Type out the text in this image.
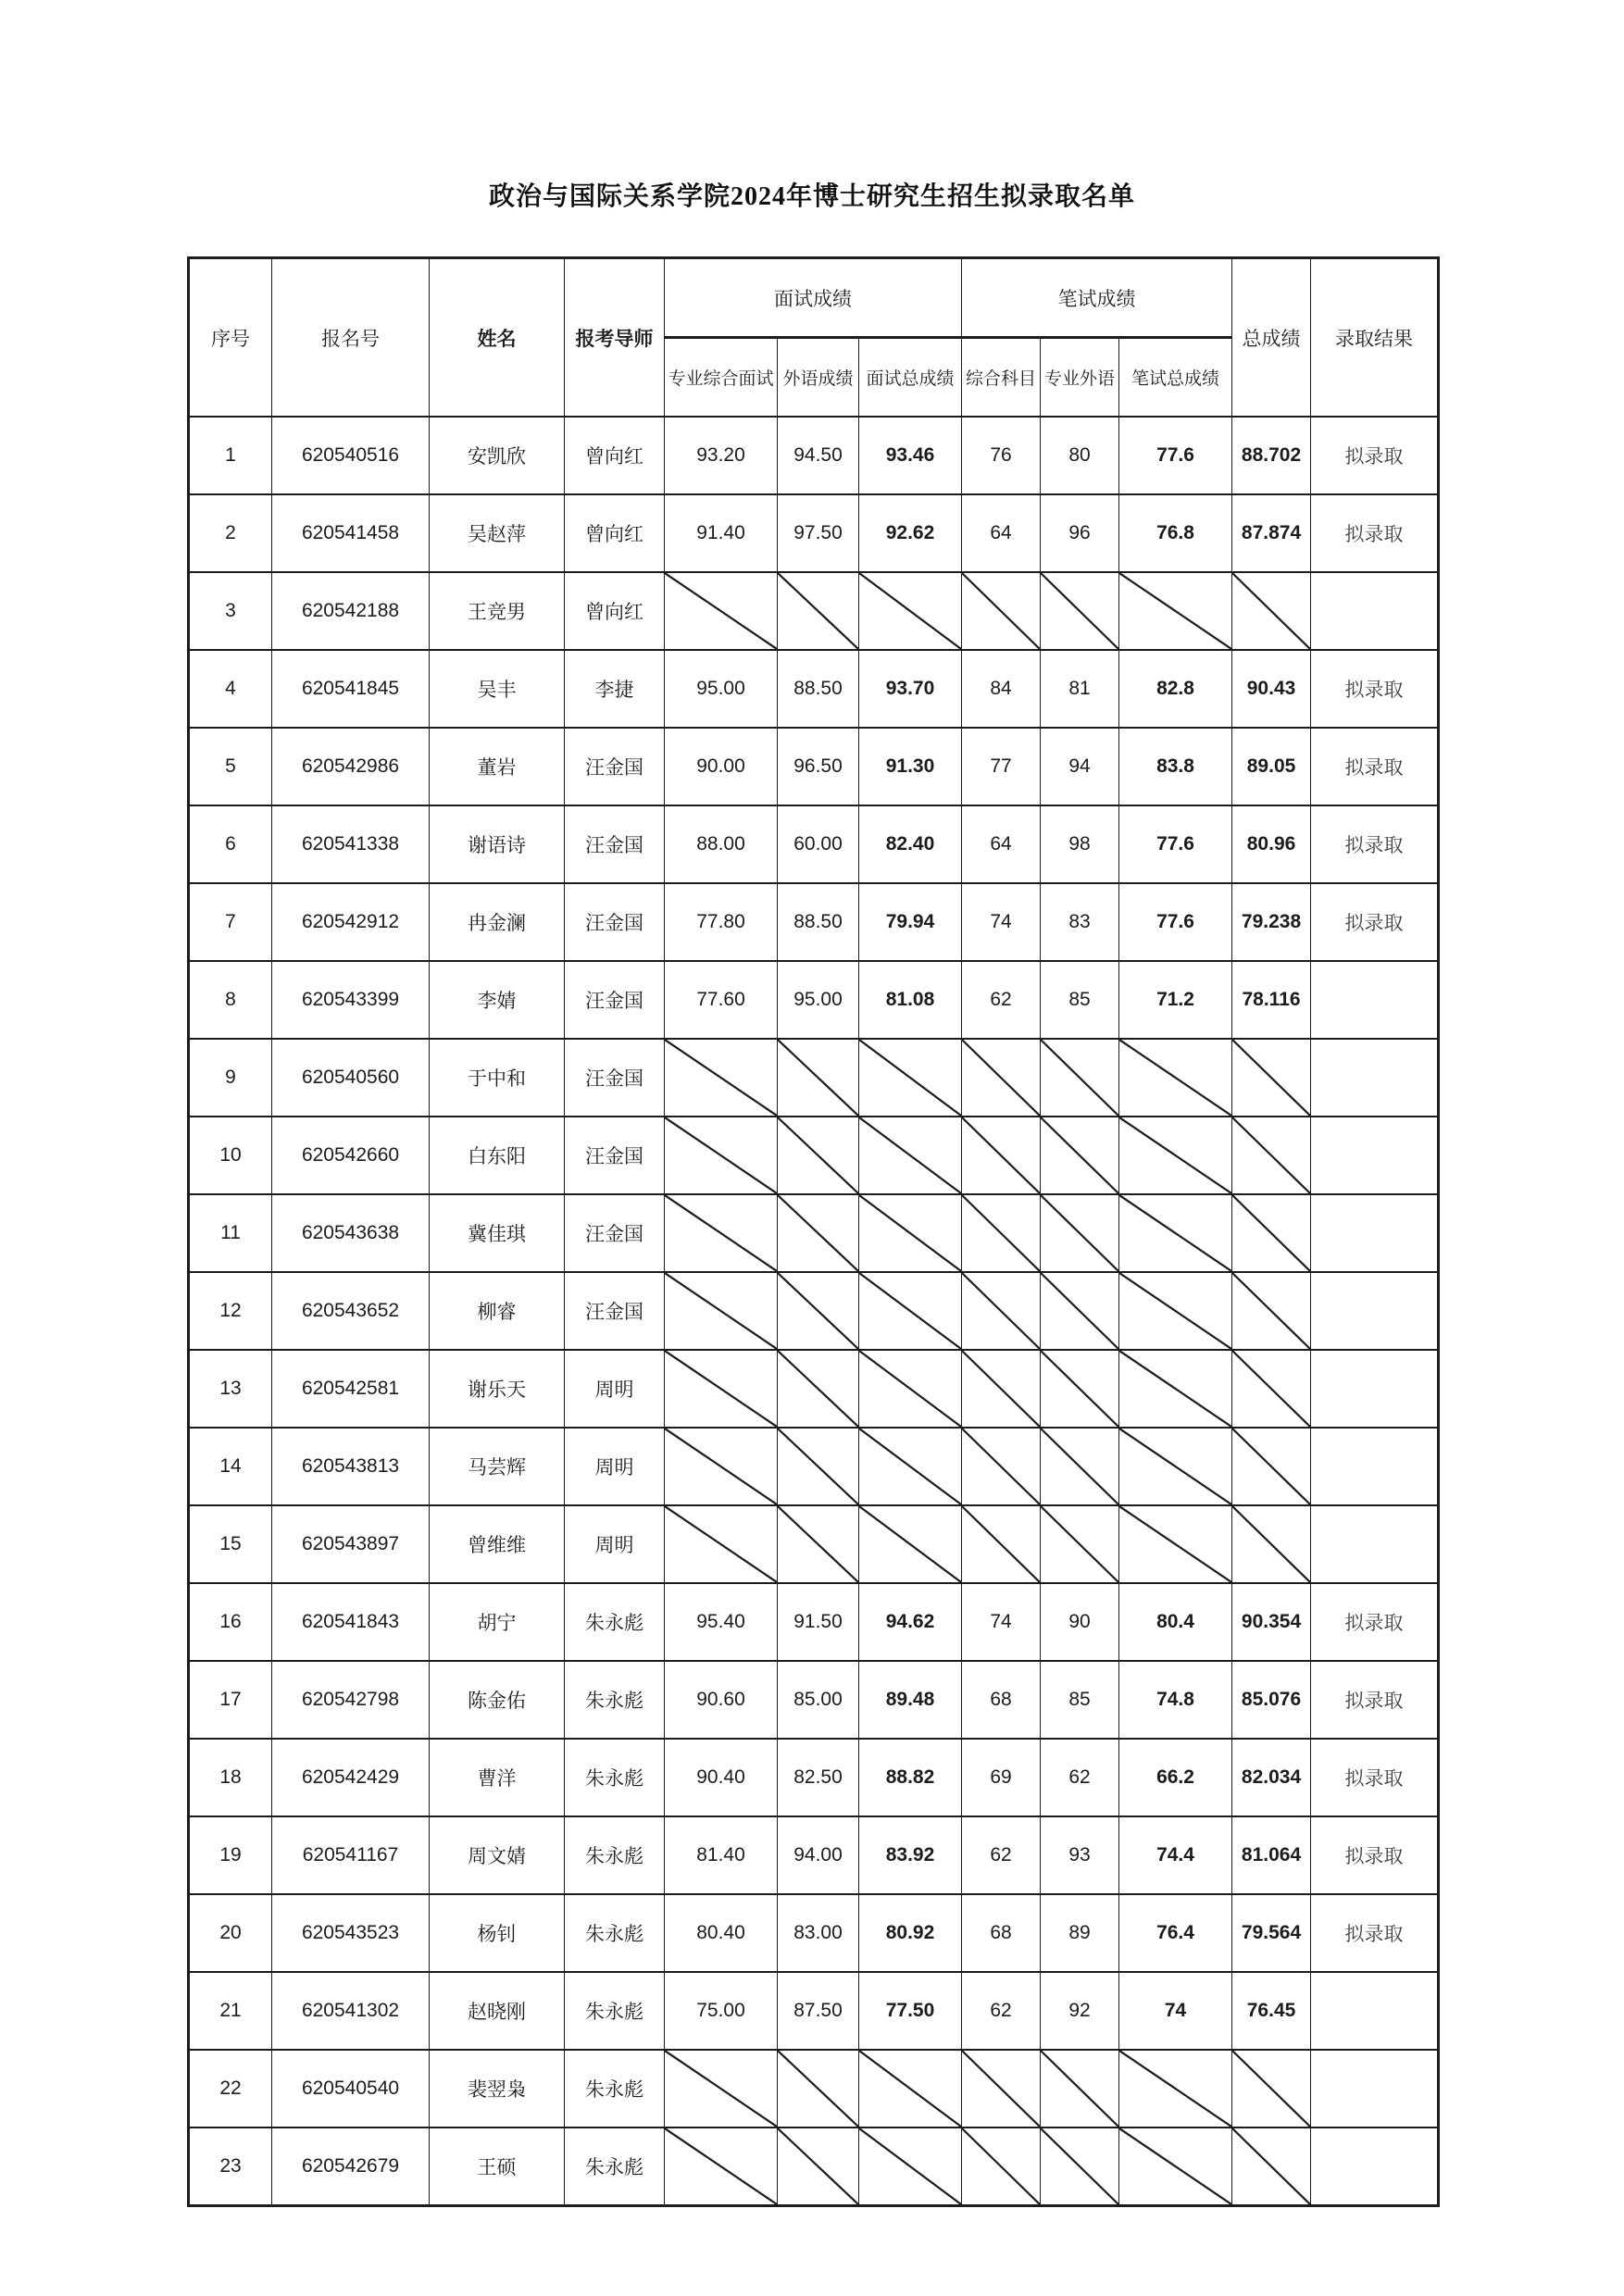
政治与国际关系学院2024年博士研究生招生拟录取名单
序号	报名号	姓名	报考导师	面试成绩			笔试成绩			总成绩	录取结果
				专业综合面试	外语成绩	面试总成绩	综合科目	专业外语	笔试总成绩		
1	620540516	安凯欣	曾向红	93.20	94.50	93.46	76	80	77.6	88.702	拟录取
2	620541458	吴赵萍	曾向红	91.40	97.50	92.62	64	96	76.8	87.874	拟录取
3	620542188	王竞男	曾向红	

4	620541845	吴丰	李捷	95.00	88.50	93.70	84	81	82.8	90.43	拟录取
5	620542986	董岩	汪金国	90.00	96.50	91.30	77	94	83.8	89.05	拟录取
6	620541338	谢语诗	汪金国	88.00	60.00	82.40	64	98	77.6	80.96	拟录取
7	620542912	冉金澜	汪金国	77.80	88.50	79.94	74	83	77.6	79.238	拟录取
8	620543399	李婧	汪金国	77.60	95.00	81.08	62	85	71.2	78.116	
9	620540560	于中和	汪金国	

10	620542660	白东阳	汪金国	

11	620543638	冀佳琪	汪金国	

12	620543652	柳睿	汪金国	

13	620542581	谢乐天	周明	

14	620543813	马芸辉	周明	

15	620543897	曾维维	周明	

16	620541843	胡宁	朱永彪	95.40	91.50	94.62	74	90	80.4	90.354	拟录取
17	620542798	陈金佑	朱永彪	90.60	85.00	89.48	68	85	74.8	85.076	拟录取
18	620542429	曹洋	朱永彪	90.40	82.50	88.82	69	62	66.2	82.034	拟录取
19	620541167	周文婧	朱永彪	81.40	94.00	83.92	62	93	74.4	81.064	拟录取
20	620543523	杨钊	朱永彪	80.40	83.00	80.92	68	89	76.4	79.564	拟录取
21	620541302	赵晓刚	朱永彪	75.00	87.50	77.50	62	92	74	76.45	
22	620540540	裴翌枭	朱永彪	

23	620542679	王硕	朱永彪	
